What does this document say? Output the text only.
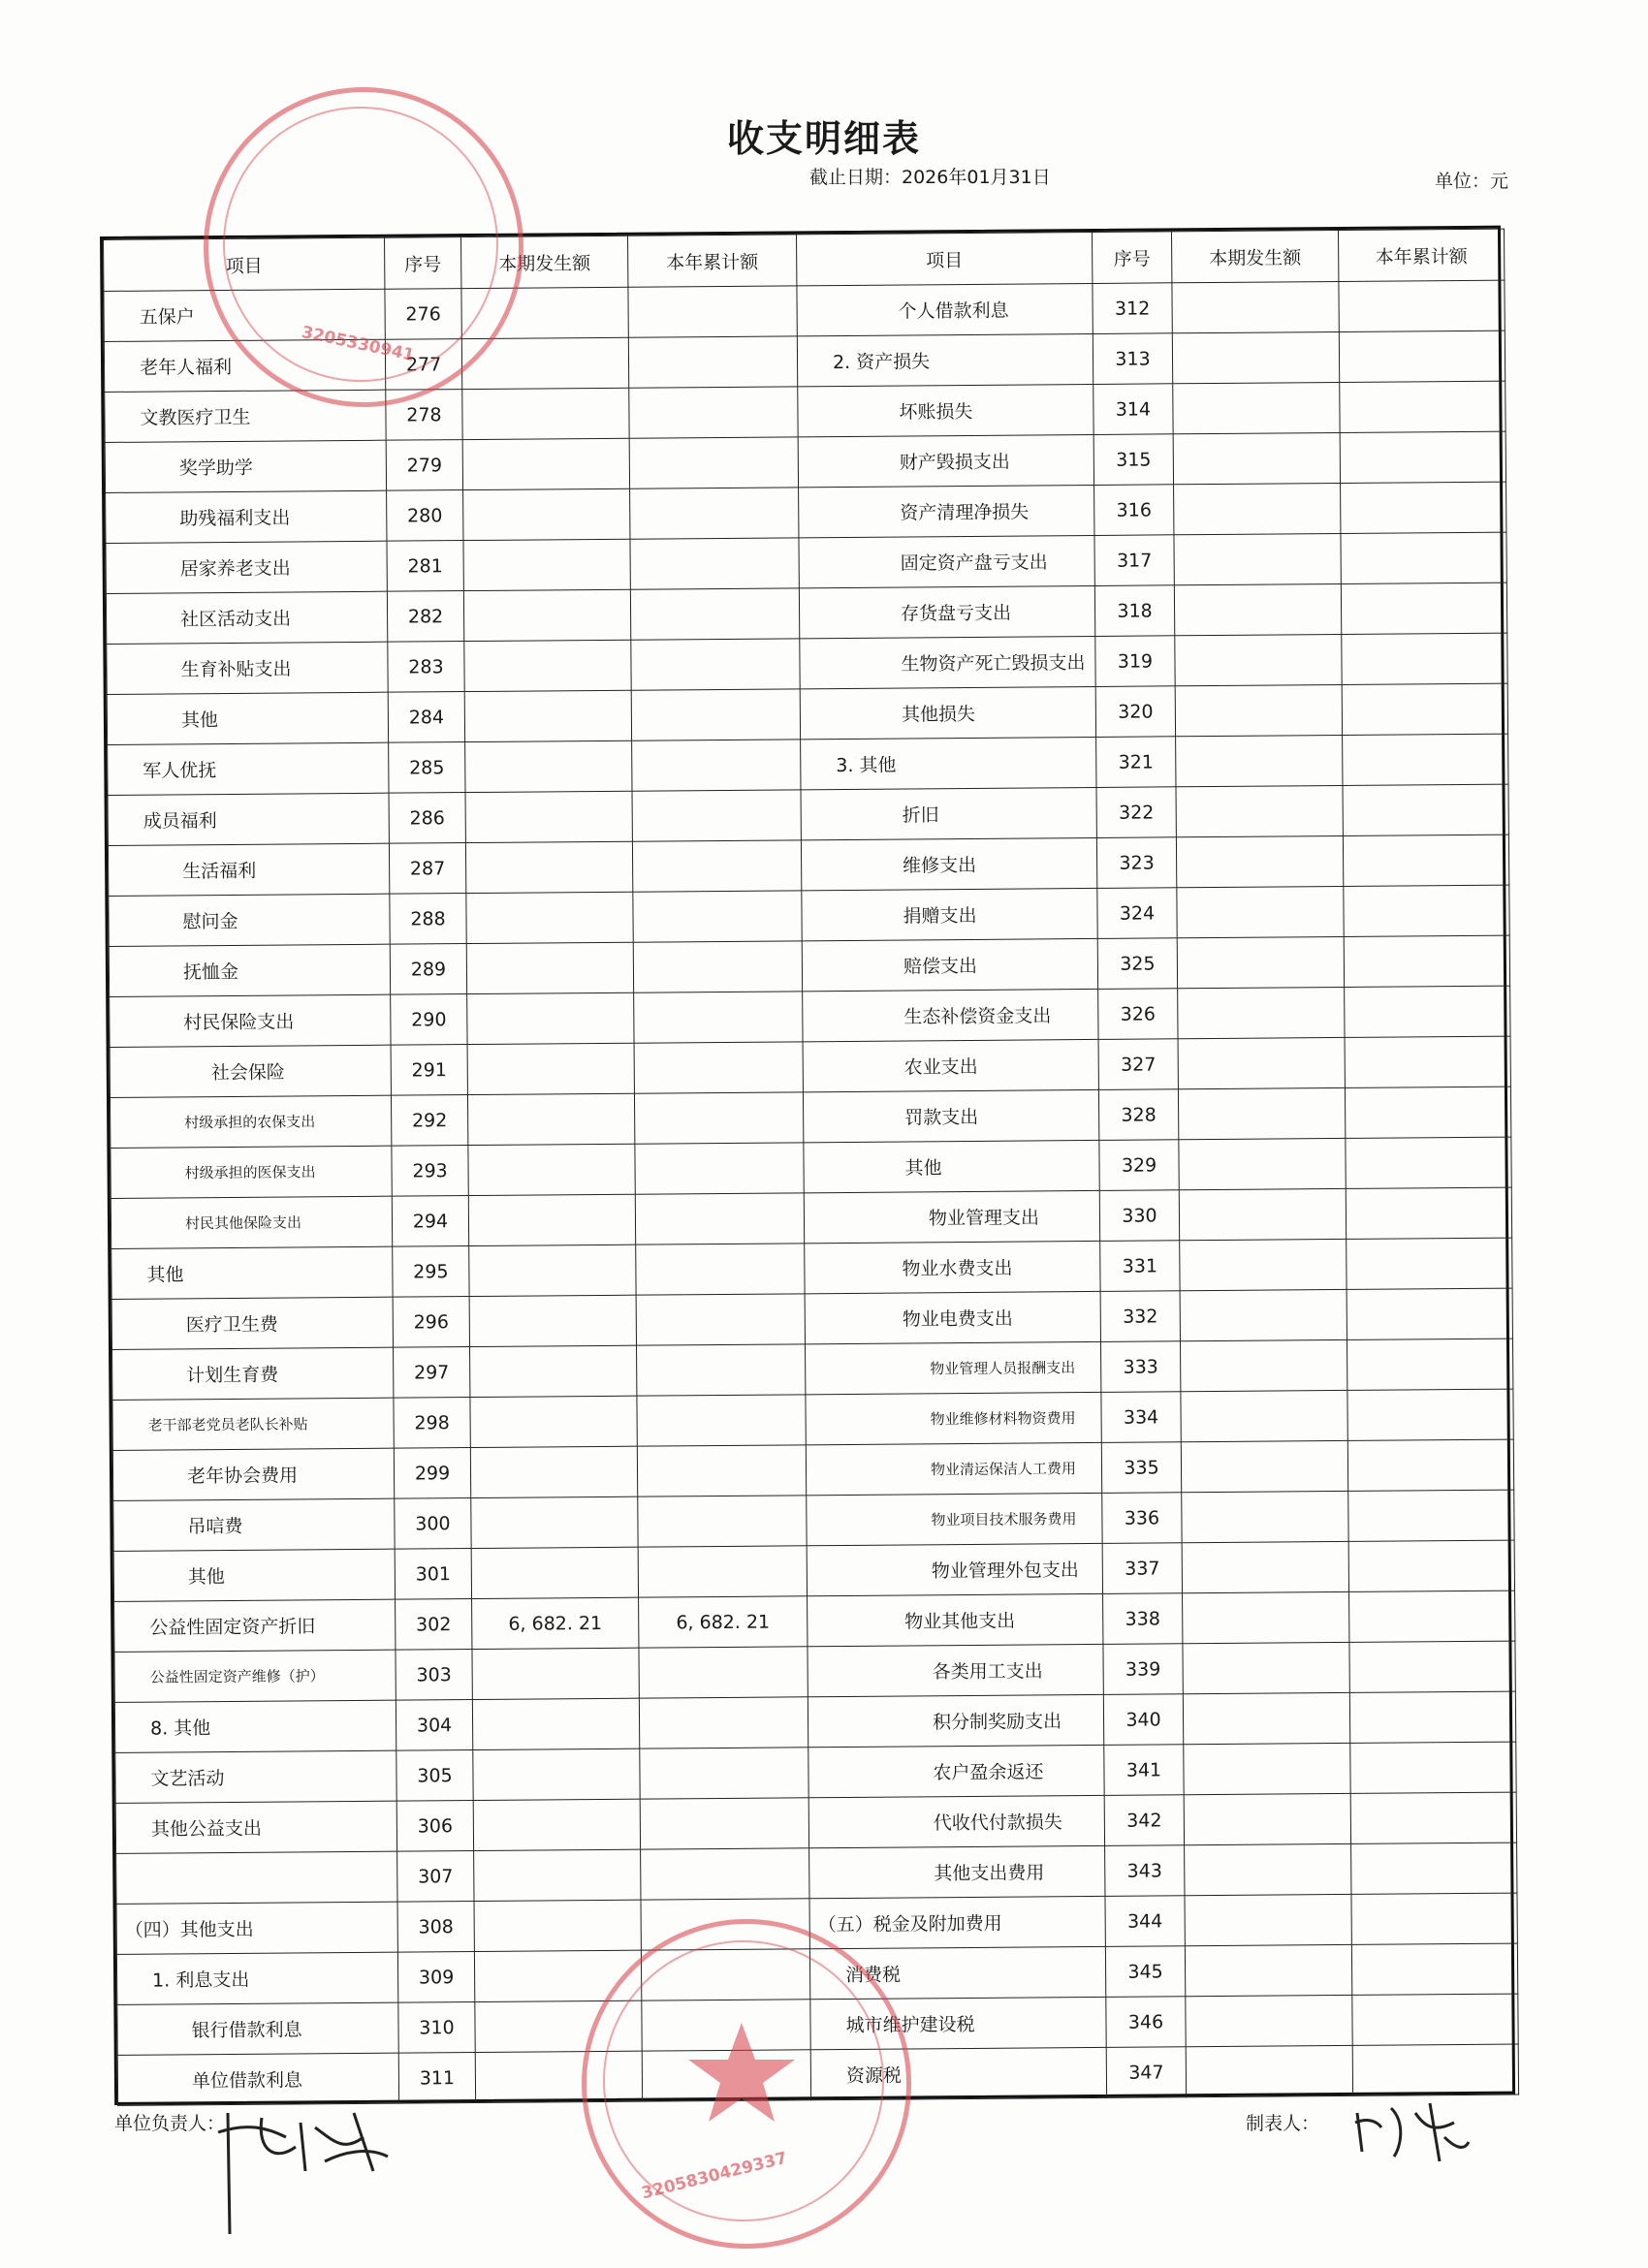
收支明细表
截止日期：2026年01月31日	单位：元
项目	序号	本期发生额	本年累计额	项目	序号	本期发生额	本年累计额
五保户	276			个人借款利息	312		
老年人福利	277			2. 资产损失	313		
文教医疗卫生	278			坏账损失	314		
奖学助学	279			财产毁损支出	315		
助残福利支出	280			资产清理净损失	316		
居家养老支出	281			固定资产盘亏支出	317		
社区活动支出	282			存货盘亏支出	318		
生育补贴支出	283			生物资产死亡毁损支出	319		
其他	284			其他损失	320		
军人优抚	285			3. 其他	321		
成员福利	286			折旧	322		
生活福利	287			维修支出	323		
慰问金	288			捐赠支出	324		
抚恤金	289			赔偿支出	325		
村民保险支出	290			生态补偿资金支出	326		
社会保险	291			农业支出	327		
村级承担的农保支出	292			罚款支出	328		
村级承担的医保支出	293			其他	329		
村民其他保险支出	294			物业管理支出	330		
其他	295			物业水费支出	331		
医疗卫生费	296			物业电费支出	332		
计划生育费	297			物业管理人员报酬支出	333		
老干部老党员老队长补贴	298			物业维修材料物资费用	334		
老年协会费用	299			物业清运保洁人工费用	335		
吊唁费	300			物业项目技术服务费用	336		
其他	301			物业管理外包支出	337		
公益性固定资产折旧	302	6, 682. 21	6, 682. 21	物业其他支出	338		
公益性固定资产维修（护）	303			各类用工支出	339		
8. 其他	304			积分制奖励支出	340		
文艺活动	305			农户盈余返还	341		
其他公益支出	306			代收代付款损失	342		
	307			其他支出费用	343		
（四）其他支出	308			（五）税金及附加费用	344		
1. 利息支出	309			消费税	345		
银行借款利息	310			城市维护建设税	346		
单位借款利息	311			资源税	347		
单位负责人：	制表人：
3205330941
3205830429337
